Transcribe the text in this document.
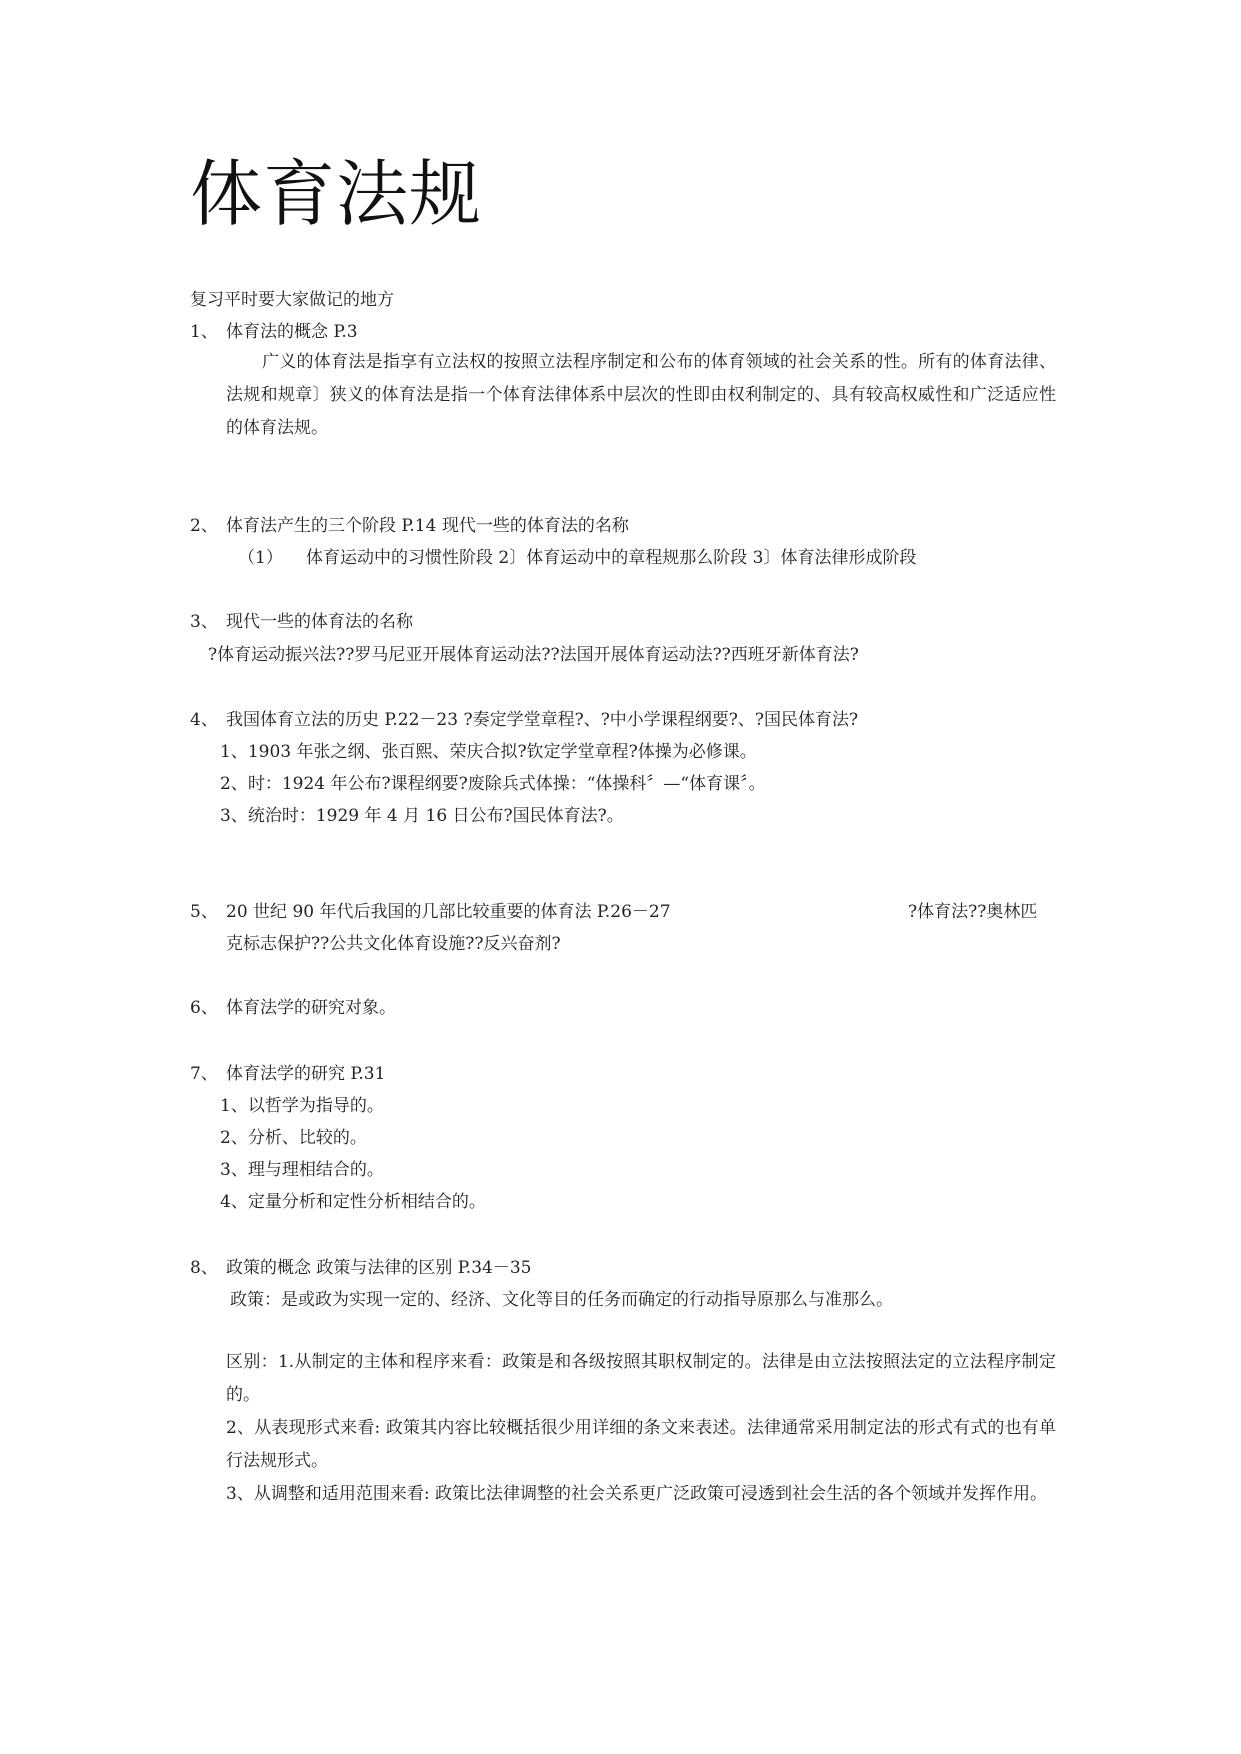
体育法规
复习平时要大家做记的地方
1、 体育法的概念 P.3
广义的体育法是指享有立法权的按照立法程序制定和公布的体育领域的社会关系的性。所有的体育法律、法规和规章〕狭义的体育法是指一个体育法律体系中层次的性即由权利制定的、具有较高权威性和广泛适应性的体育法规。
2、 体育法产生的三个阶段 P.14 现代一些的体育法的名称
（1） 体育运动中的习惯性阶段 2〕体育运动中的章程规那么阶段 3〕体育法律形成阶段
3、 现代一些的体育法的名称
?体育运动振兴法??罗马尼亚开展体育运动法??法国开展体育运动法??西班牙新体育法?
4、 我国体育立法的历史 P.22－23 ?奏定学堂章程?、?中小学课程纲要?、?国民体育法?
1、1903 年张之纲、张百熙、荣庆合拟?钦定学堂章程?体操为必修课。
2、时：1924 年公布?课程纲要?废除兵式体操：“体操科〞—“体育课〞。
3、统治时：1929 年 4 月 16 日公布?国民体育法?。
5、 20 世纪 90 年代后我国的几部比较重要的体育法 P.26－27	?体育法??奥林匹
克标志保护??公共文化体育设施??反兴奋剂?
6、 体育法学的研究对象。
7、 体育法学的研究 P.31
1、以哲学为指导的。
2、分析、比较的。
3、理与理相结合的。
4、定量分析和定性分析相结合的。
8、 政策的概念 政策与法律的区别 P.34－35
政策：是或政为实现一定的、经济、文化等目的任务而确定的行动指导原那么与准那么。
区别：1.从制定的主体和程序来看：政策是和各级按照其职权制定的。法律是由立法按照法定的立法程序制定的。
2、从表现形式来看: 政策其内容比较概括很少用详细的条文来表述。法律通常采用制定法的形式有式的也有单行法规形式。
3、从调整和适用范围来看: 政策比法律调整的社会关系更广泛政策可浸透到社会生活的各个领域并发挥作用。
